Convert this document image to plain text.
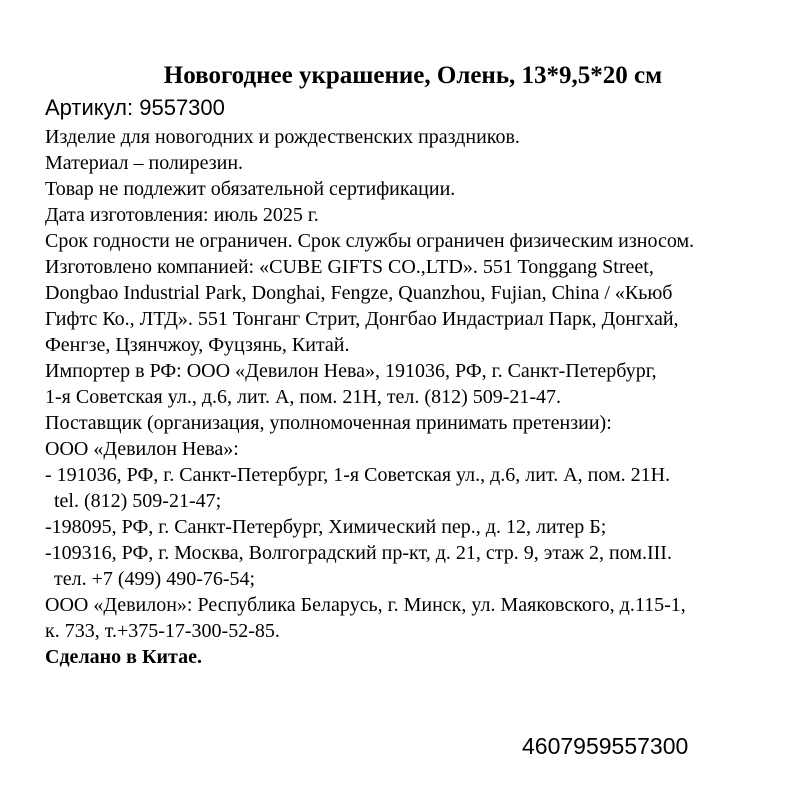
Новогоднее украшение, Олень, 13*9,5*20 см
Артикул: 9557300
Изделие для новогодних и рождественских праздников.
Материал – полирезин.
Товар не подлежит обязательной сертификации.
Дата изготовления: июль 2025 г.
Срок годности не ограничен. Срок службы ограничен физическим износом.
Изготовлено компанией: «CUBE GIFTS CO.,LTD». 551 Tonggang Street,
Dongbao Industrial Park, Donghai, Fengze, Quanzhou, Fujian, China / «Кьюб
Гифтс Ко., ЛТД». 551 Тонганг Стрит, Донгбао Индастриал Парк, Донгхай,
Фенгзе, Цзянчжоу, Фуцзянь, Китай.
Импортер в РФ: ООО «Девилон Нева», 191036, РФ, г. Санкт-Петербург,
1-я Советская ул., д.6, лит. А, пом. 21Н, тел. (812) 509-21-47.
Поставщик (организация, уполномоченная принимать претензии):
ООО «Девилон Нева»:
- 191036, РФ, г. Санкт-Петербург, 1-я Советская ул., д.6, лит. А, пом. 21Н.
tel. (812) 509-21-47;
-198095, РФ, г. Санкт-Петербург, Химический пер., д. 12, литер Б;
-109316, РФ, г. Москва, Волгоградский пр-кт, д. 21, стр. 9, этаж 2, пом.III.
тел. +7 (499) 490-76-54;
ООО «Девилон»: Республика Беларусь, г. Минск, ул. Маяковского, д.115-1,
к. 733, т.+375-17-300-52-85.
Сделано в Китае.
4607959557300
